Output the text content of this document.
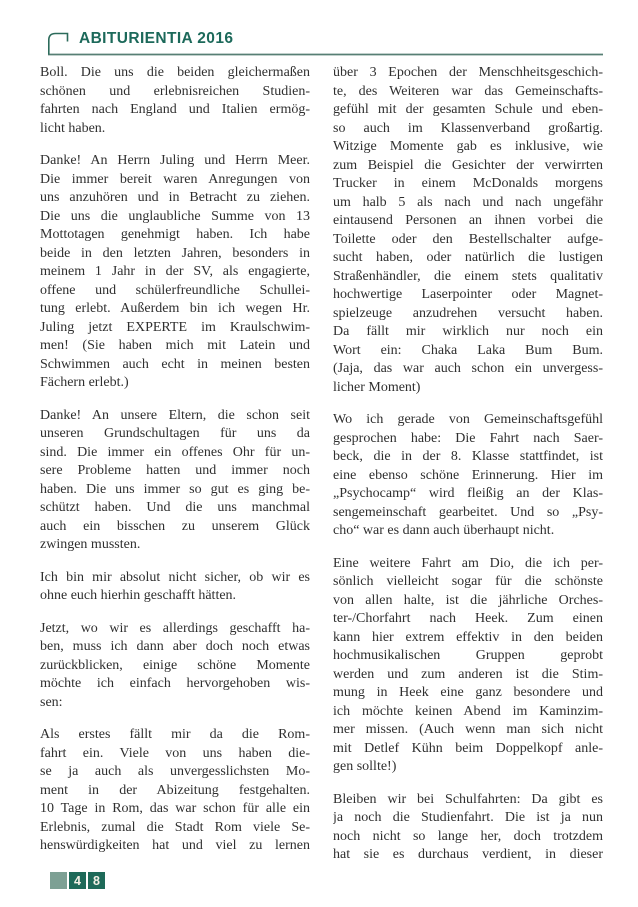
ABITURIENTIA 2016
Boll. Die uns die beiden gleichermaßen
schönen und erlebnisreichen Studien-
fahrten nach England und Italien ermög-
licht haben.
Danke! An Herrn Juling und Herrn Meer.
Die immer bereit waren Anregungen von
uns anzuhören und in Betracht zu ziehen.
Die uns die unglaubliche Summe von 13
Mottotagen genehmigt haben. Ich habe
beide in den letzten Jahren, besonders in
meinem 1 Jahr in der SV, als engagierte,
offene und schülerfreundliche Schullei-
tung erlebt. Außerdem bin ich wegen Hr.
Juling jetzt EXPERTE im Kraulschwim-
men! (Sie haben mich mit Latein und
Schwimmen auch echt in meinen besten
Fächern erlebt.)
Danke! An unsere Eltern, die schon seit
unseren Grundschultagen für uns da
sind. Die immer ein offenes Ohr für un-
sere Probleme hatten und immer noch
haben. Die uns immer so gut es ging be-
schützt haben. Und die uns manchmal
auch ein bisschen zu unserem Glück
zwingen mussten.
Ich bin mir absolut nicht sicher, ob wir es
ohne euch hierhin geschafft hätten.
Jetzt, wo wir es allerdings geschafft ha-
ben, muss ich dann aber doch noch etwas
zurückblicken, einige schöne Momente
möchte ich einfach hervorgehoben wis-
sen:
Als erstes fällt mir da die Rom-
fahrt ein. Viele von uns haben die-
se ja auch als unvergesslichsten Mo-
ment in der Abizeitung festgehalten.
10 Tage in Rom, das war schon für alle ein
Erlebnis, zumal die Stadt Rom viele Se-
henswürdigkeiten hat und viel zu lernen
über 3 Epochen der Menschheitsgeschich-
te, des Weiteren war das Gemeinschafts-
gefühl mit der gesamten Schule und eben-
so auch im Klassenverband großartig.
Witzige Momente gab es inklusive, wie
zum Beispiel die Gesichter der verwirrten
Trucker in einem McDonalds morgens
um halb 5 als nach und nach ungefähr
eintausend Personen an ihnen vorbei die
Toilette oder den Bestellschalter aufge-
sucht haben, oder natürlich die lustigen
Straßenhändler, die einem stets qualitativ
hochwertige Laserpointer oder Magnet-
spielzeuge anzudrehen versucht haben.
Da fällt mir wirklich nur noch ein
Wort ein: Chaka Laka Bum Bum.
(Jaja, das war auch schon ein unvergess-
licher Moment)
Wo ich gerade von Gemeinschaftsgefühl
gesprochen habe: Die Fahrt nach Saer-
beck, die in der 8. Klasse stattfindet, ist
eine ebenso schöne Erinnerung. Hier im
„Psychocamp“ wird fleißig an der Klas-
sengemeinschaft gearbeitet. Und so „Psy-
cho“ war es dann auch überhaupt nicht.
Eine weitere Fahrt am Dio, die ich per-
sönlich vielleicht sogar für die schönste
von allen halte, ist die jährliche Orches-
ter-/Chorfahrt nach Heek. Zum einen
kann hier extrem effektiv in den beiden
hochmusikalischen Gruppen geprobt
werden und zum anderen ist die Stim-
mung in Heek eine ganz besondere und
ich möchte keinen Abend im Kaminzim-
mer missen. (Auch wenn man sich nicht
mit Detlef Kühn beim Doppelkopf anle-
gen sollte!)
Bleiben wir bei Schulfahrten: Da gibt es
ja noch die Studienfahrt. Die ist ja nun
noch nicht so lange her, doch trotzdem
hat sie es durchaus verdient, in dieser
4 8
